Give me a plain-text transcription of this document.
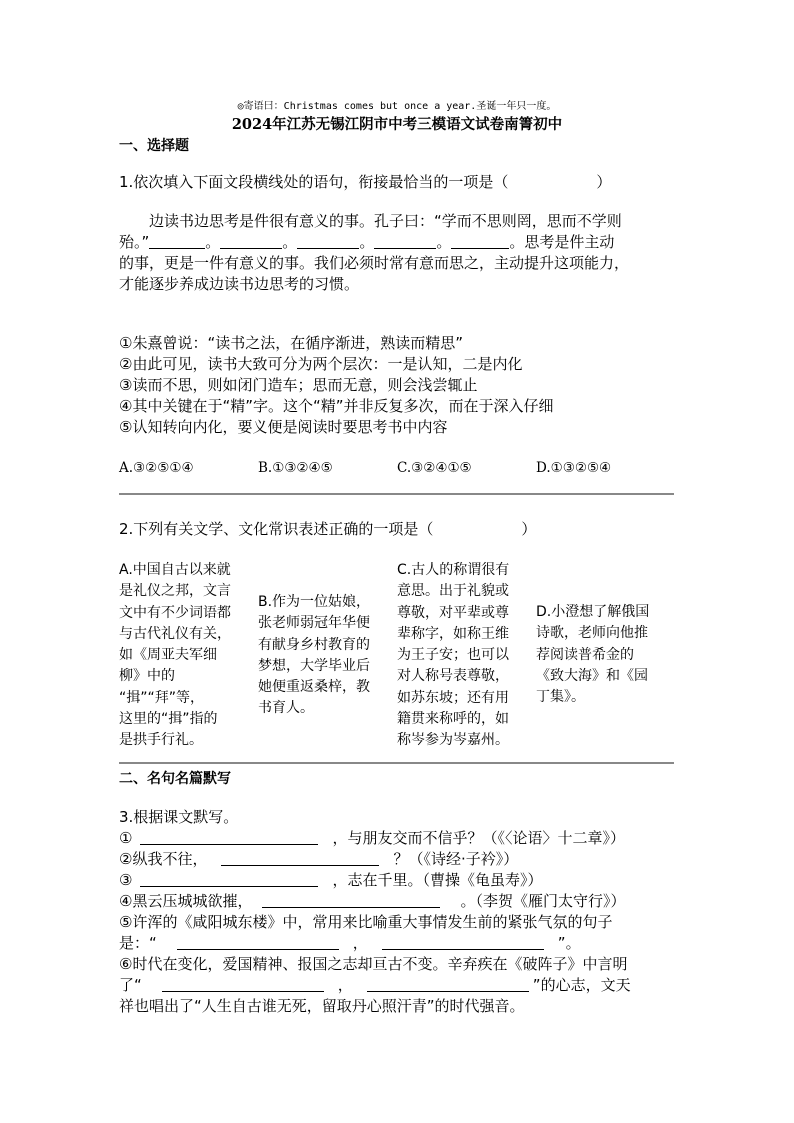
◎寄语曰：Christmas comes but once a year.圣诞一年只一度。
2024年江苏无锡江阴市中考三模语文试卷南箐初中
一、选择题
1.依次填入下面文段横线处的语句，衔接最恰当的一项是（	）
边读书边思考是件很有意义的事。孔子曰：“学而不思则罔，思而不学则
殆。”	。	。	。	。	。思考是件主动
的事，更是一件有意义的事。我们必须时常有意而思之，主动提升这项能力，
才能逐步养成边读书边思考的习惯。
①朱熹曾说：“读书之法，在循序渐进，熟读而精思”
②由此可见，读书大致可分为两个层次：一是认知，二是内化
③读而不思，则如闭门造车；思而无意，则会浅尝辄止
④其中关键在于“精”字。这个“精”并非反复多次，而在于深入仔细
⑤认知转向内化，要义便是阅读时要思考书中内容
A.③②⑤①④	B.①③②④⑤	C.③②④①⑤	D.①③②⑤④
2.下列有关文学、文化常识表述正确的一项是（	）
A.中国自古以来就
是礼仪之邦，文言
文中有不少词语都
与古代礼仪有关，
如《周亚夫军细
柳》中的
“揖”“拜”等，
这里的“揖”指的
是拱手行礼。
B.作为一位姑娘，
张老师弱冠年华便
有献身乡村教育的
梦想，大学毕业后
她便重返桑梓，教
书育人。
C.古人的称谓很有
意思。出于礼貌或
尊敬，对平辈或尊
辈称字，如称王维
为王子安；也可以
对人称号表尊敬，
如苏东坡；还有用
籍贯来称呼的，如
称岑参为岑嘉州。
D.小澄想了解俄国
诗歌，老师向他推
荐阅读普希金的
《致大海》和《园
丁集》。
二、名句名篇默写
3.根据课文默写。
①	，与朋友交而不信乎？（《〈论语〉十二章》）
②纵我不往，	？（《诗经·子衿》）
③	，志在千里。（曹操《龟虽寿》）
④黑云压城城欲摧，	。（李贺《雁门太守行》）
⑤许浑的《咸阳城东楼》中，常用来比喻重大事情发生前的紧张气氛的句子
是：“	，	”。
⑥时代在变化，爱国精神、报国之志却亘古不变。辛弃疾在《破阵子》中言明
了“	，	”的心志，文天
祥也唱出了“人生自古谁无死，留取丹心照汗青”的时代强音。
